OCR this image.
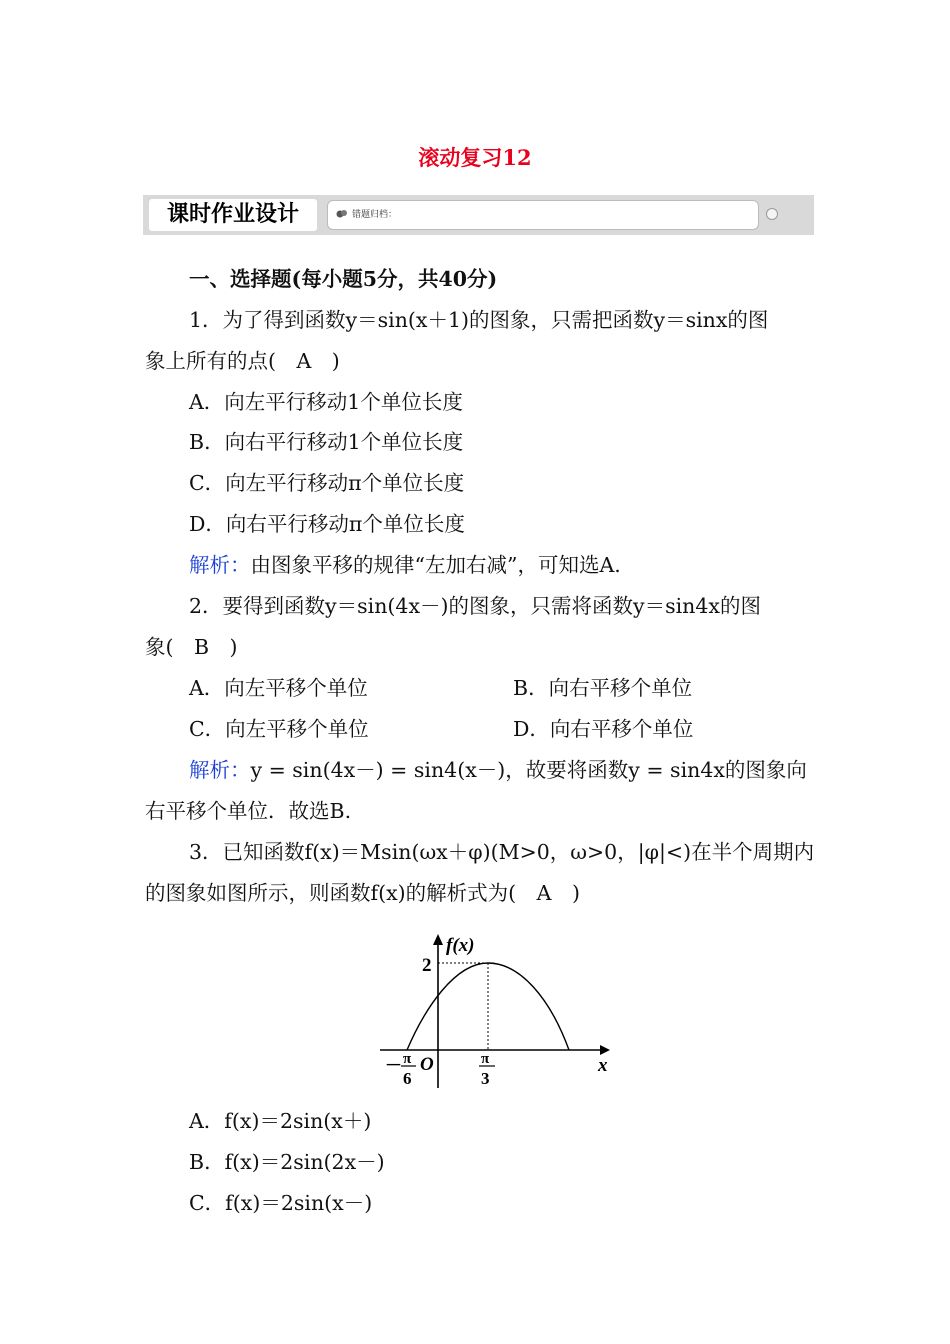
滚动复习12
课时作业设计	错题归档：
一、选择题(每小题5分，共40分)
1．为了得到函数y＝sin(x＋1)的图象，只需把函数y＝sinx的图
象上所有的点(　A　)
A．向左平行移动1个单位长度
B．向右平行移动1个单位长度
C．向左平行移动π个单位长度
D．向右平行移动π个单位长度
解析：由图象平移的规律“左加右减”，可知选A.
2．要得到函数y＝sin(4x－)的图象，只需将函数y＝sin4x的图
象(　B　)
A．向左平移个单位	B．向右平移个单位
C．向左平移个单位	D．向右平移个单位
解析：y = sin(4x－) = sin4(x－)，故要将函数y = sin4x的图象向
右平移个单位．故选B.
3．已知函数f(x)＝Msin(ωx＋φ)(M>0，ω>0，|φ|<)在半个周期内
的图象如图所示，则函数f(x)的解析式为(　A　)
f(x)
2
O	x
－ π
6
π
3
A．f(x)＝2sin(x＋)
B．f(x)＝2sin(2x－)
C．f(x)＝2sin(x－)
